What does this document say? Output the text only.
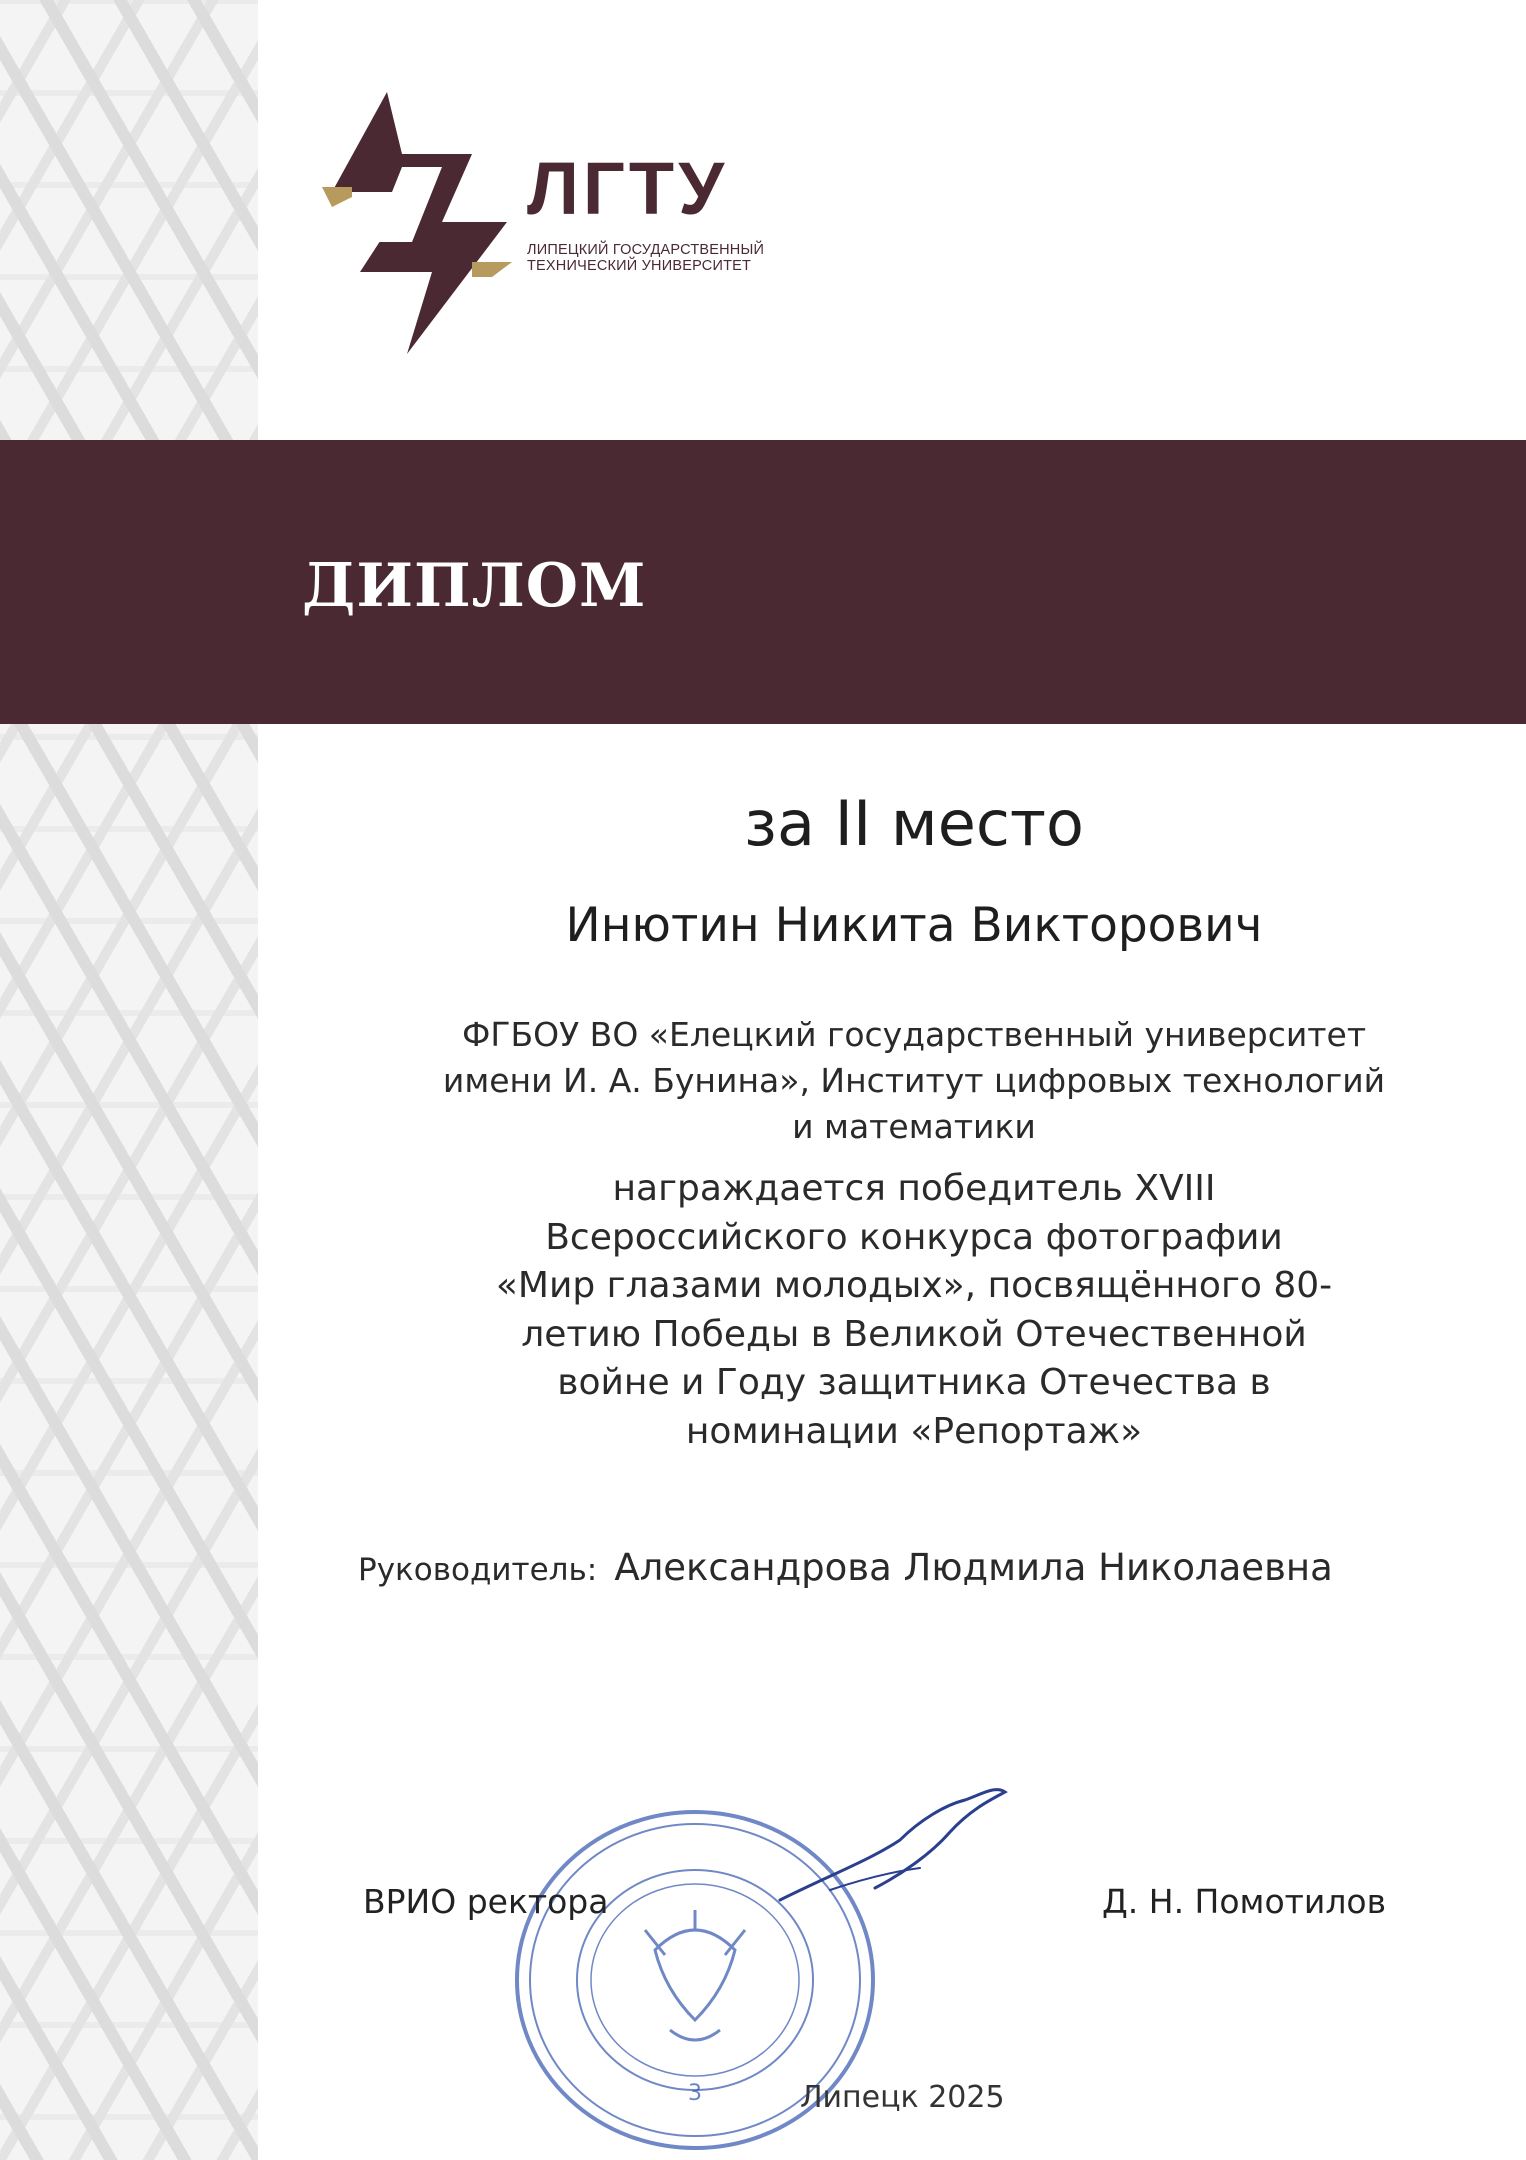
ЛГТУ
ЛИПЕЦКИЙ ГОСУДАРСТВЕННЫЙ
ТЕХНИЧЕСКИЙ УНИВЕРСИТЕТ
ДИПЛОМ
за II место
Инютин Никита Викторович
ФГБОУ ВО «Елецкий государственный университет
имени И. А. Бунина», Институт цифровых технологий
и математики
награждается победитель XVIII
Всероссийского конкурса фотографии
«Мир глазами молодых», посвящённого 80-
летию Победы в Великой Отечественной
войне и Году защитника Отечества в
номинации «Репортаж»
Руководитель: Александрова Людмила Николаевна
3
ВРИО ректора	Д. Н. Помотилов
Липецк 2025
